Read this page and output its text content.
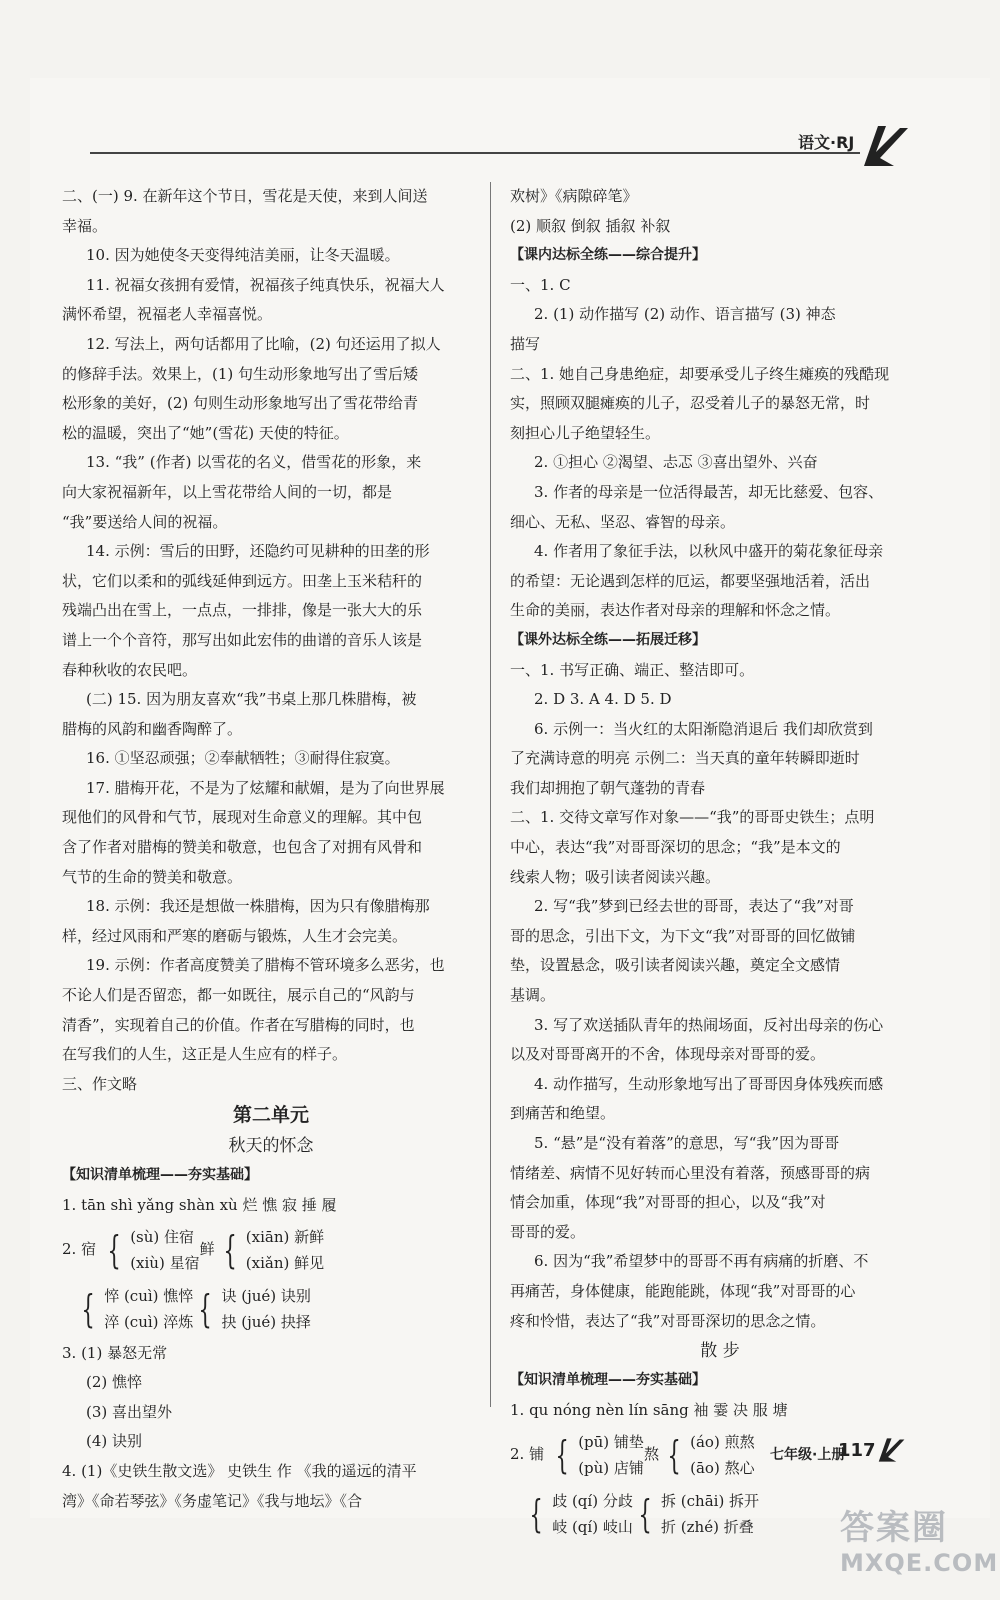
语文·RJ
二、(一) 9. 在新年这个节日，雪花是天使，来到人间送
幸福。
10. 因为她使冬天变得纯洁美丽，让冬天温暖。
11. 祝福女孩拥有爱情，祝福孩子纯真快乐，祝福大人
满怀希望，祝福老人幸福喜悦。
12. 写法上，两句话都用了比喻，(2) 句还运用了拟人
的修辞手法。效果上，(1) 句生动形象地写出了雪后矮
松形象的美好，(2) 句则生动形象地写出了雪花带给青
松的温暖，突出了“她”(雪花) 天使的特征。
13. “我” (作者) 以雪花的名义，借雪花的形象，来
向大家祝福新年，以上雪花带给人间的一切，都是
“我”要送给人间的祝福。
14. 示例：雪后的田野，还隐约可见耕种的田垄的形
状，它们以柔和的弧线延伸到远方。田垄上玉米秸秆的
残端凸出在雪上，一点点，一排排，像是一张大大的乐
谱上一个个音符，那写出如此宏伟的曲谱的音乐人该是
春种秋收的农民吧。
(二) 15. 因为朋友喜欢“我”书桌上那几株腊梅，被
腊梅的风韵和幽香陶醉了。
16. ①坚忍顽强；②奉献牺牲；③耐得住寂寞。
17. 腊梅开花，不是为了炫耀和献媚，是为了向世界展
现他们的风骨和气节，展现对生命意义的理解。其中包
含了作者对腊梅的赞美和敬意，也包含了对拥有风骨和
气节的生命的赞美和敬意。
18. 示例：我还是想做一株腊梅，因为只有像腊梅那
样，经过风雨和严寒的磨砺与锻炼，人生才会完美。
19. 示例：作者高度赞美了腊梅不管环境多么恶劣，也
不论人们是否留恋，都一如既往，展示自己的“风韵与
清香”，实现着自己的价值。作者在写腊梅的同时，也
在写我们的人生，这正是人生应有的样子。
三、作文略
第二单元
秋天的怀念
【知识清单梳理——夯实基础】
1. tān shì yǎng shàn xù 烂 憔 寂 捶 履
2. 宿 { (sù) 住宿
(xiù) 星宿
鲜 { (xiān) 新鲜
(xiǎn) 鲜见
{ 悴 (cuì) 憔悴
淬 (cuì) 淬炼 { 诀 (jué) 诀别
抉 (jué) 抉择
3. (1) 暴怒无常
(2) 憔悴
(3) 喜出望外
(4) 诀别
4. (1)《史铁生散文选》 史铁生 作 《我的遥远的清平
湾》《命若琴弦》《务虚笔记》《我与地坛》《合
欢树》《病隙碎笔》
(2) 顺叙 倒叙 插叙 补叙
【课内达标全练——综合提升】
一、1. C
2. (1) 动作描写 (2) 动作、语言描写 (3) 神态
描写
二、1. 她自己身患绝症，却要承受儿子终生瘫痪的残酷现
实，照顾双腿瘫痪的儿子，忍受着儿子的暴怒无常，时
刻担心儿子绝望轻生。
2. ①担心 ②渴望、忐忑 ③喜出望外、兴奋
3. 作者的母亲是一位活得最苦，却无比慈爱、包容、
细心、无私、坚忍、睿智的母亲。
4. 作者用了象征手法，以秋风中盛开的菊花象征母亲
的希望：无论遇到怎样的厄运，都要坚强地活着，活出
生命的美丽，表达作者对母亲的理解和怀念之情。
【课外达标全练——拓展迁移】
一、1. 书写正确、端正、整洁即可。
2. D 3. A 4. D 5. D
6. 示例一：当火红的太阳渐隐消退后 我们却欣赏到
了充满诗意的明亮 示例二：当天真的童年转瞬即逝时
我们却拥抱了朝气蓬勃的青春
二、1. 交待文章写作对象——“我”的哥哥史铁生；点明
中心，表达“我”对哥哥深切的思念；“我”是本文的
线索人物；吸引读者阅读兴趣。
2. 写“我”梦到已经去世的哥哥，表达了“我”对哥
哥的思念，引出下文，为下文“我”对哥哥的回忆做铺
垫，设置悬念，吸引读者阅读兴趣，奠定全文感情
基调。
3. 写了欢送插队青年的热闹场面，反衬出母亲的伤心
以及对哥哥离开的不舍，体现母亲对哥哥的爱。
4. 动作描写，生动形象地写出了哥哥因身体残疾而感
到痛苦和绝望。
5. “悬”是“没有着落”的意思，写“我”因为哥哥
情绪差、病情不见好转而心里没有着落，预感哥哥的病
情会加重，体现“我”对哥哥的担心，以及“我”对
哥哥的爱。
6. 因为“我”希望梦中的哥哥不再有病痛的折磨、不
再痛苦，身体健康，能跑能跳，体现“我”对哥哥的心
疼和怜惜，表达了“我”对哥哥深切的思念之情。
散 步
【知识清单梳理——夯实基础】
1. qu nóng nèn lín sāng 袖 霎 决 服 塘
2. 铺 { (pū) 铺垫
(pù) 店铺
熬 { (áo) 煎熬
(āo) 熬心
{ 歧 (qí) 分歧
岐 (qí) 岐山 { 拆 (chāi) 拆开
折 (zhé) 折叠
七年级·上册
117
答案圈
MXQE.COM
